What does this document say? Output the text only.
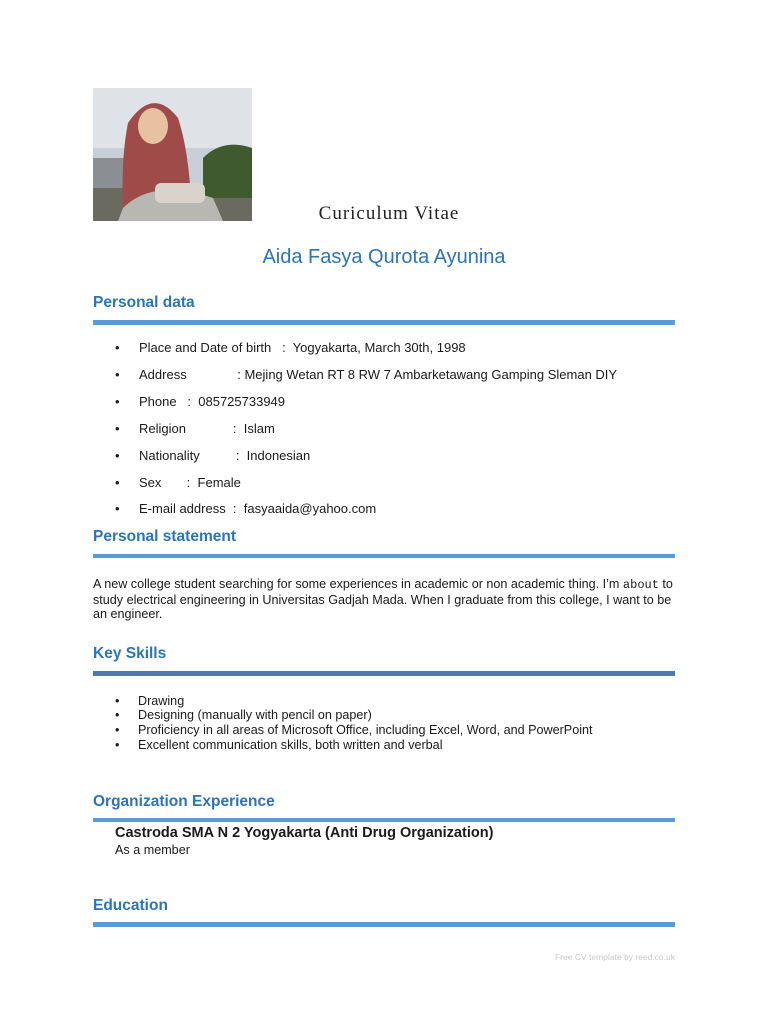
Curiculum Vitae
Aida Fasya Qurota Ayunina
Personal data
• Place and Date of birth   :  Yogyakarta, March 30th, 1998
• Address              : Mejing Wetan RT 8 RW 7 Ambarketawang Gamping Sleman DIY
• Phone   :  085725733949
• Religion             :  Islam
• Nationality          :  Indonesian
• Sex       :  Female
• E-mail address  :  fasyaaida@yahoo.com
Personal statement
A new college student searching for some experiences in academic or non academic thing. I’m about to study electrical engineering in Universitas Gadjah Mada. When I graduate from this college, I want to be an engineer.
Key Skills
• Drawing
• Designing (manually with pencil on paper)
• Proficiency in all areas of Microsoft Office, including Excel, Word, and PowerPoint
• Excellent communication skills, both written and verbal
Organization Experience
Castroda SMA N 2 Yogyakarta (Anti Drug Organization)
As a member
Education
Free CV template by reed.co.uk
